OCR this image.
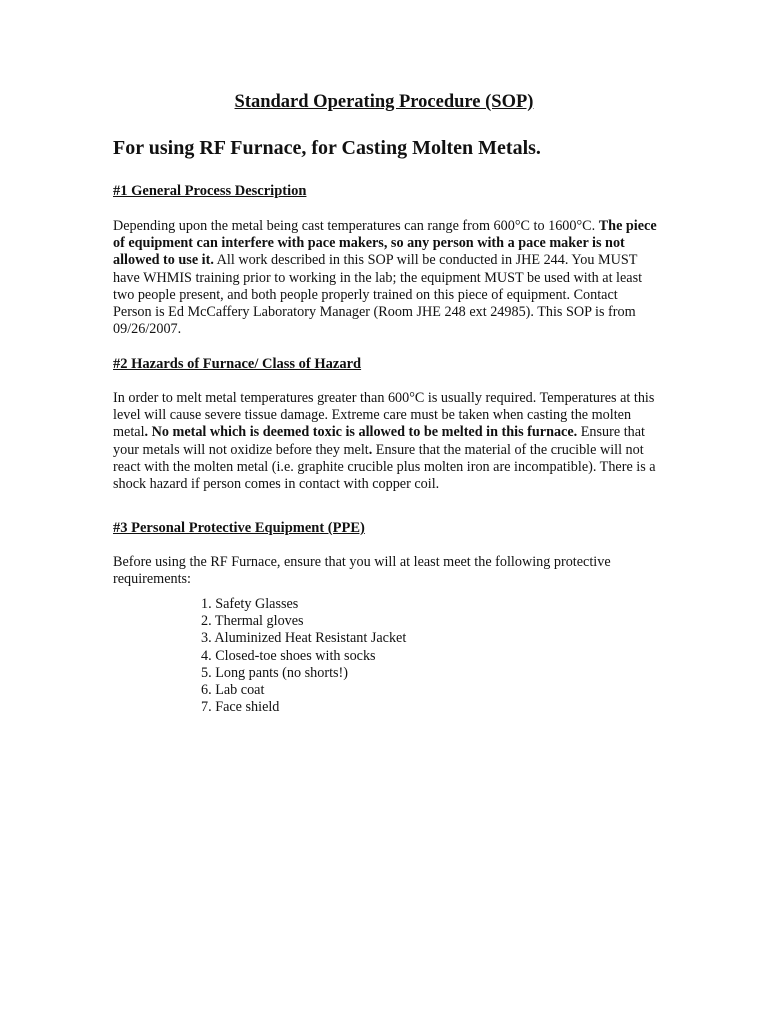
Standard Operating Procedure (SOP)
For using RF Furnace, for Casting Molten Metals.
#1 General Process Description

Depending upon the metal being cast temperatures can range from 600°C to 1600°C. The piece of equipment can interfere with pace makers, so any person with a pace maker is not allowed to use it. All work described in this SOP will be conducted in JHE 244. You MUST have WHMIS training prior to working in the lab; the equipment MUST be used with at least two people present, and both people properly trained on this piece of equipment. Contact Person is Ed McCaffery Laboratory Manager (Room JHE 248 ext 24985). This SOP is from 09/26/2007.

#2 Hazards of Furnace/ Class of Hazard

In order to melt metal temperatures greater than 600°C is usually required. Temperatures at this level will cause severe tissue damage. Extreme care must be taken when casting the molten metal. No metal which is deemed toxic is allowed to be melted in this furnace. Ensure that your metals will not oxidize before they melt. Ensure that the material of the crucible will not react with the molten metal (i.e. graphite crucible plus molten iron are incompatible). There is a shock hazard if person comes in contact with copper coil.

#3 Personal Protective Equipment (PPE)

Before using the RF Furnace, ensure that you will at least meet the following protective requirements:

1. Safety Glasses
2. Thermal gloves
3. Aluminized Heat Resistant Jacket
4. Closed-toe shoes with socks
5. Long pants (no shorts!)
6. Lab coat
7. Face shield
